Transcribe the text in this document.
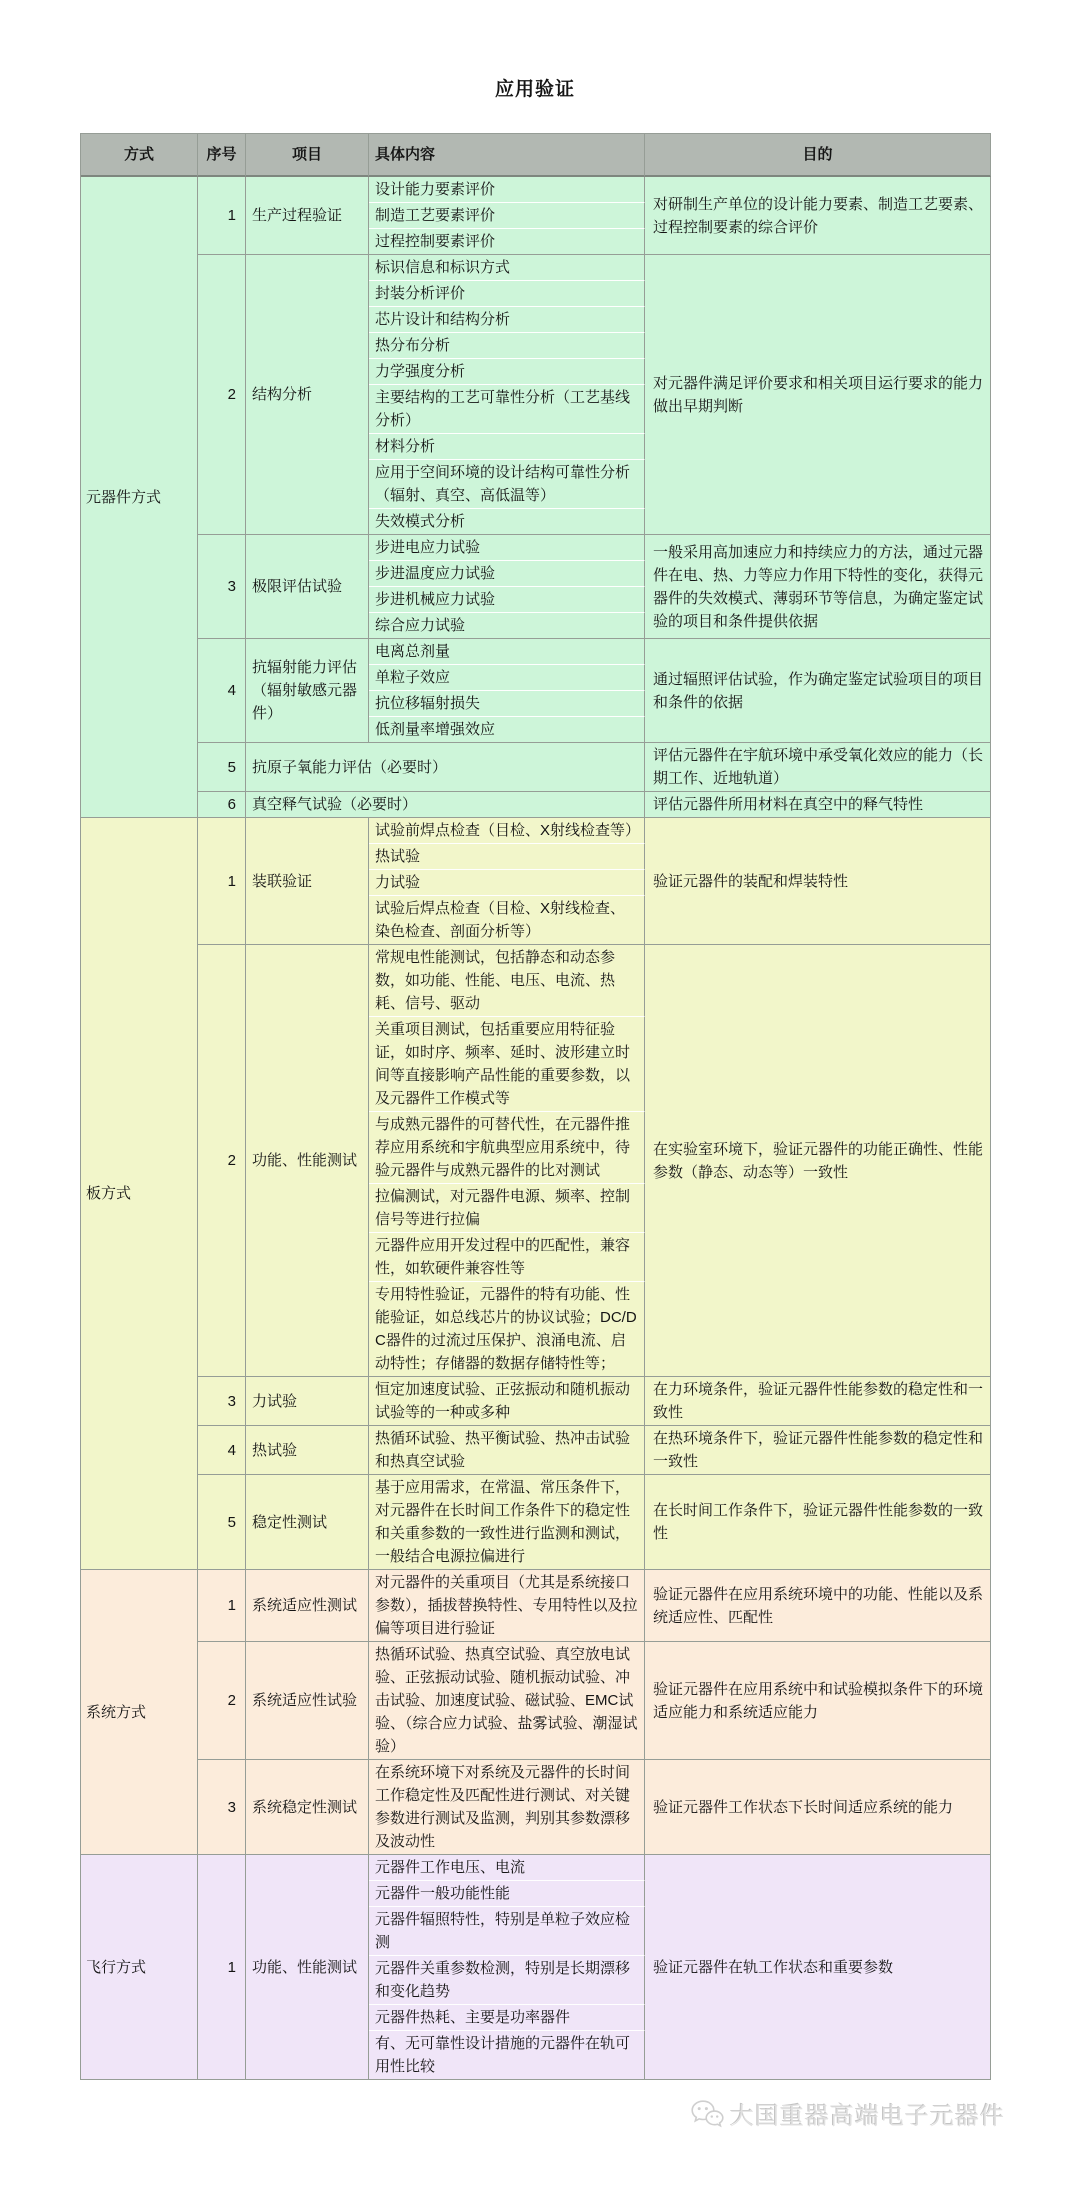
应用验证
方式	序号	项目	具体内容	目的
元器件方式	1	生产过程验证	设计能力要素评价	对研制生产单位的设计能力要素、制造工艺要素、过程控制要素的综合评价
			制造工艺要素评价	
			过程控制要素评价	
	2	结构分析	标识信息和标识方式	对元器件满足评价要求和相关项目运行要求的能力做出早期判断
			封装分析评价	
			芯片设计和结构分析	
			热分布分析	
			力学强度分析	
			主要结构的工艺可靠性分析（工艺基线分析）	
			材料分析	
			应用于空间环境的设计结构可靠性分析（辐射、真空、高低温等）	
			失效模式分析	
	3	极限评估试验	步进电应力试验	一般采用高加速应力和持续应力的方法，通过元器件在电、热、力等应力作用下特性的变化，获得元器件的失效模式、薄弱环节等信息，为确定鉴定试验的项目和条件提供依据
			步进温度应力试验	
			步进机械应力试验	
			综合应力试验	
	4	抗辐射能力评估（辐射敏感元器件）	电离总剂量	通过辐照评估试验，作为确定鉴定试验项目的项目和条件的依据
			单粒子效应	
			抗位移辐射损失	
			低剂量率增强效应	
	5	抗原子氧能力评估（必要时）		评估元器件在宇航环境中承受氧化效应的能力（长期工作、近地轨道）
	6	真空释气试验（必要时）		评估元器件所用材料在真空中的释气特性
板方式	1	装联验证	试验前焊点检查（目检、X射线检查等）	验证元器件的装配和焊装特性
			热试验	
			力试验	
			试验后焊点检查（目检、X射线检查、染色检查、剖面分析等）	
	2	功能、性能测试	常规电性能测试，包括静态和动态参数，如功能、性能、电压、电流、热耗、信号、驱动	在实验室环境下，验证元器件的功能正确性、性能参数（静态、动态等）一致性
			关重项目测试，包括重要应用特征验证，如时序、频率、延时、波形建立时间等直接影响产品性能的重要参数，以及元器件工作模式等	
			与成熟元器件的可替代性，在元器件推荐应用系统和宇航典型应用系统中，待验元器件与成熟元器件的比对测试	
			拉偏测试，对元器件电源、频率、控制信号等进行拉偏	
			元器件应用开发过程中的匹配性，兼容性，如软硬件兼容性等	
			专用特性验证，元器件的特有功能、性能验证，如总线芯片的协议试验；DC/DC器件的过流过压保护、浪涌电流、启动特性；存储器的数据存储特性等；	
	3	力试验	恒定加速度试验、正弦振动和随机振动试验等的一种或多种	在力环境条件，验证元器件性能参数的稳定性和一致性
	4	热试验	热循环试验、热平衡试验、热冲击试验和热真空试验	在热环境条件下，验证元器件性能参数的稳定性和一致性
	5	稳定性测试	基于应用需求，在常温、常压条件下，对元器件在长时间工作条件下的稳定性和关重参数的一致性进行监测和测试，一般结合电源拉偏进行	在长时间工作条件下，验证元器件性能参数的一致性
系统方式	1	系统适应性测试	对元器件的关重项目（尤其是系统接口参数），插拔替换特性、专用特性以及拉偏等项目进行验证	验证元器件在应用系统环境中的功能、性能以及系统适应性、匹配性
	2	系统适应性试验	热循环试验、热真空试验、真空放电试验、正弦振动试验、随机振动试验、冲击试验、加速度试验、磁试验、EMC试验、（综合应力试验、盐雾试验、潮湿试验）	验证元器件在应用系统中和试验模拟条件下的环境适应能力和系统适应能力
	3	系统稳定性测试	在系统环境下对系统及元器件的长时间工作稳定性及匹配性进行测试、对关键参数进行测试及监测，判别其参数漂移及波动性	验证元器件工作状态下长时间适应系统的能力
飞行方式	1	功能、性能测试	元器件工作电压、电流	验证元器件在轨工作状态和重要参数
			元器件一般功能性能	
			元器件辐照特性，特别是单粒子效应检测	
			元器件关重参数检测，特别是长期漂移和变化趋势	
			元器件热耗、主要是功率器件	
			有、无可靠性设计措施的元器件在轨可用性比较	
大国重器高端电子元器件
